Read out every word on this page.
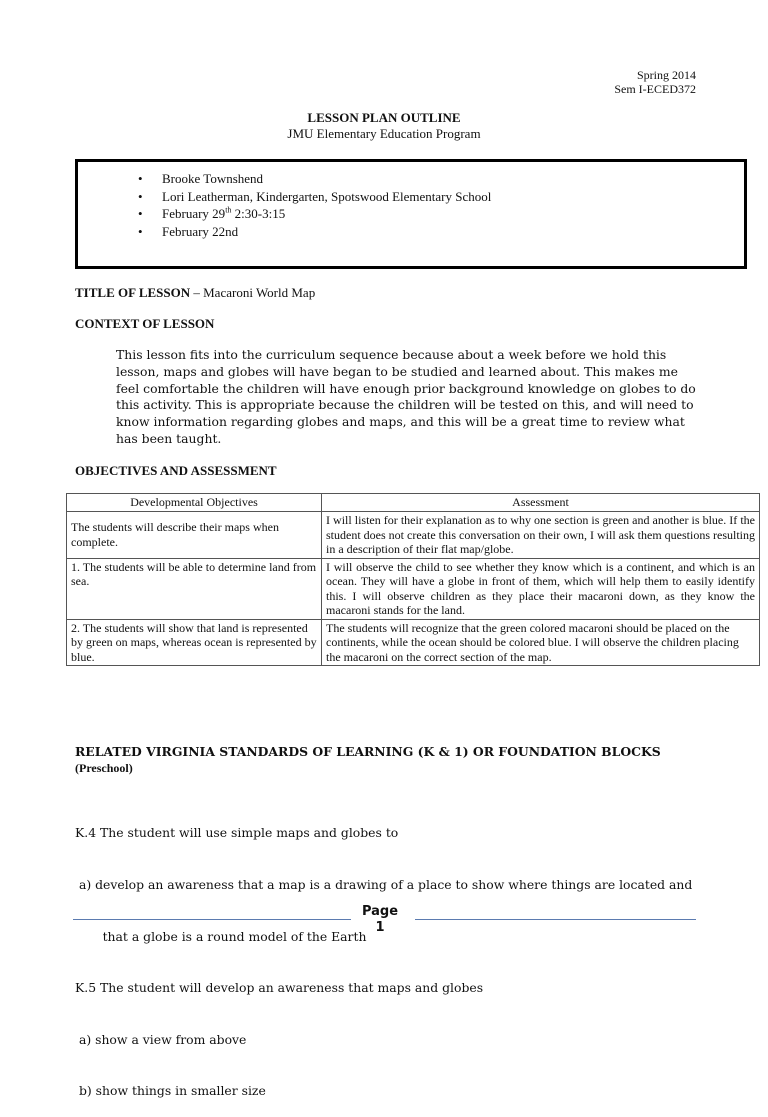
Spring 2014
Sem I-ECED372
LESSON PLAN OUTLINE
JMU Elementary Education Program
• Brooke Townshend
• Lori Leatherman, Kindergarten, Spotswood Elementary School
• February 29th 2:30-3:15
• February 22nd
TITLE OF LESSON – Macaroni World Map
CONTEXT OF LESSON
This lesson fits into the curriculum sequence because about a week before we hold this lesson, maps and globes will have began to be studied and learned about. This makes me feel comfortable the children will have enough prior background knowledge on globes to do this activity. This is appropriate because the children will be tested on this, and will need to know information regarding globes and maps, and this will be a great time to review what has been taught.
OBJECTIVES AND ASSESSMENT
Developmental Objectives	Assessment
The students will describe their maps when complete.	I will listen for their explanation as to why one section is green and another is blue. If the student does not create this conversation on their own, I will ask them questions resulting in a description of their flat map/globe.
1. The students will be able to determine land from sea.	I will observe the child to see whether they know which is a continent, and which is an ocean. They will have a globe in front of them, which will help them to easily identify this. I will observe children as they place their macaroni down, as they know the macaroni stands for the land.
2. The students will show that land is represented by green on maps, whereas ocean is represented by blue.	The students will recognize that the green colored macaroni should be placed on the continents, while the ocean should be colored blue. I will observe the children placing the macaroni on the correct section of the map.
RELATED VIRGINIA STANDARDS OF LEARNING (K & 1) OR FOUNDATION BLOCKS
(Preschool)

K.4 The student will use simple maps and globes to

a) develop an awareness that a map is a drawing of a place to show where things are located and

that a globe is a round model of the Earth

K.5 The student will develop an awareness that maps and globes

a) show a view from above

b) show things in smaller size

Page
1
